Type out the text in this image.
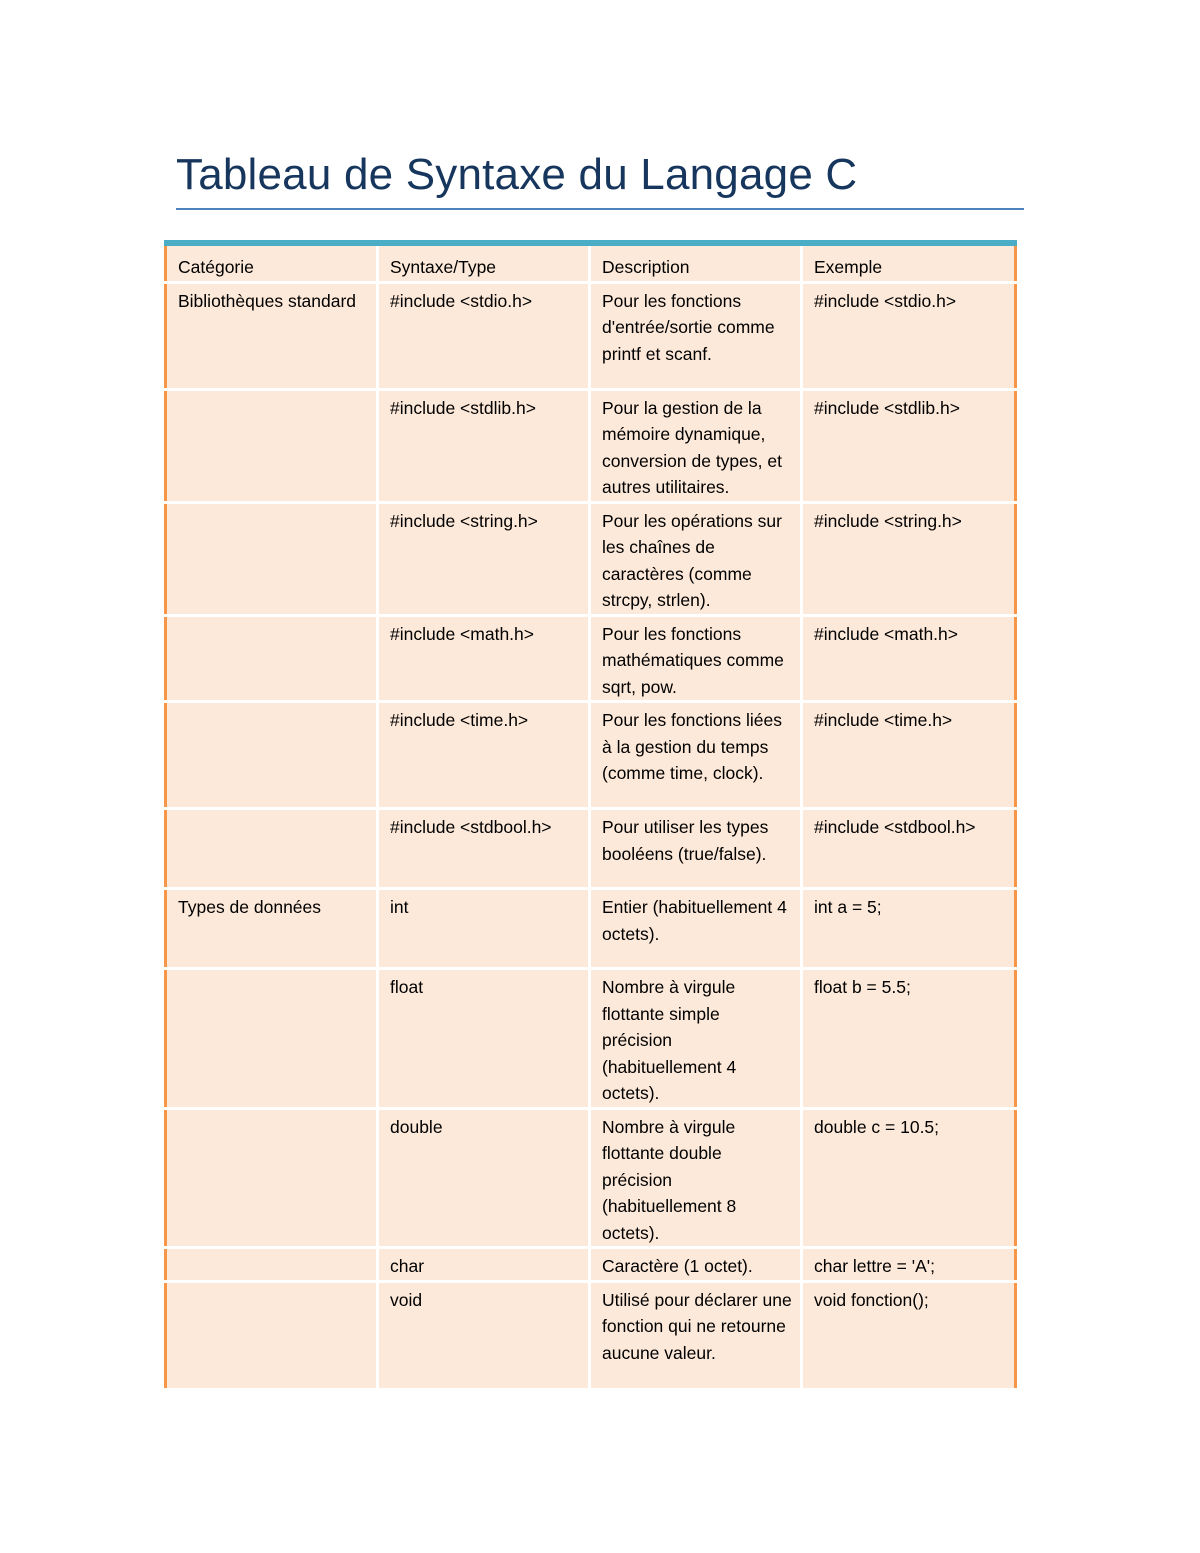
Tableau de Syntaxe du Langage C
Catégorie	Syntaxe/Type	Description	Exemple
Bibliothèques standard	#include <stdio.h>	Pour les fonctions d'entrée/sortie comme printf et scanf.	#include <stdio.h>
	#include <stdlib.h>	Pour la gestion de la mémoire dynamique, conversion de types, et autres utilitaires.	#include <stdlib.h>
	#include <string.h>	Pour les opérations sur les chaînes de caractères (comme strcpy, strlen).	#include <string.h>
	#include <math.h>	Pour les fonctions mathématiques comme sqrt, pow.	#include <math.h>
	#include <time.h>	Pour les fonctions liées à la gestion du temps (comme time, clock).	#include <time.h>
	#include <stdbool.h>	Pour utiliser les types booléens (true/false).	#include <stdbool.h>
Types de données	int	Entier (habituellement 4 octets).	int a = 5;
	float	Nombre à virgule flottante simple précision (habituellement 4 octets).	float b = 5.5;
	double	Nombre à virgule flottante double précision (habituellement 8 octets).	double c = 10.5;
	char	Caractère (1 octet).	char lettre = 'A';
	void	Utilisé pour déclarer une fonction qui ne retourne aucune valeur.	void fonction();
